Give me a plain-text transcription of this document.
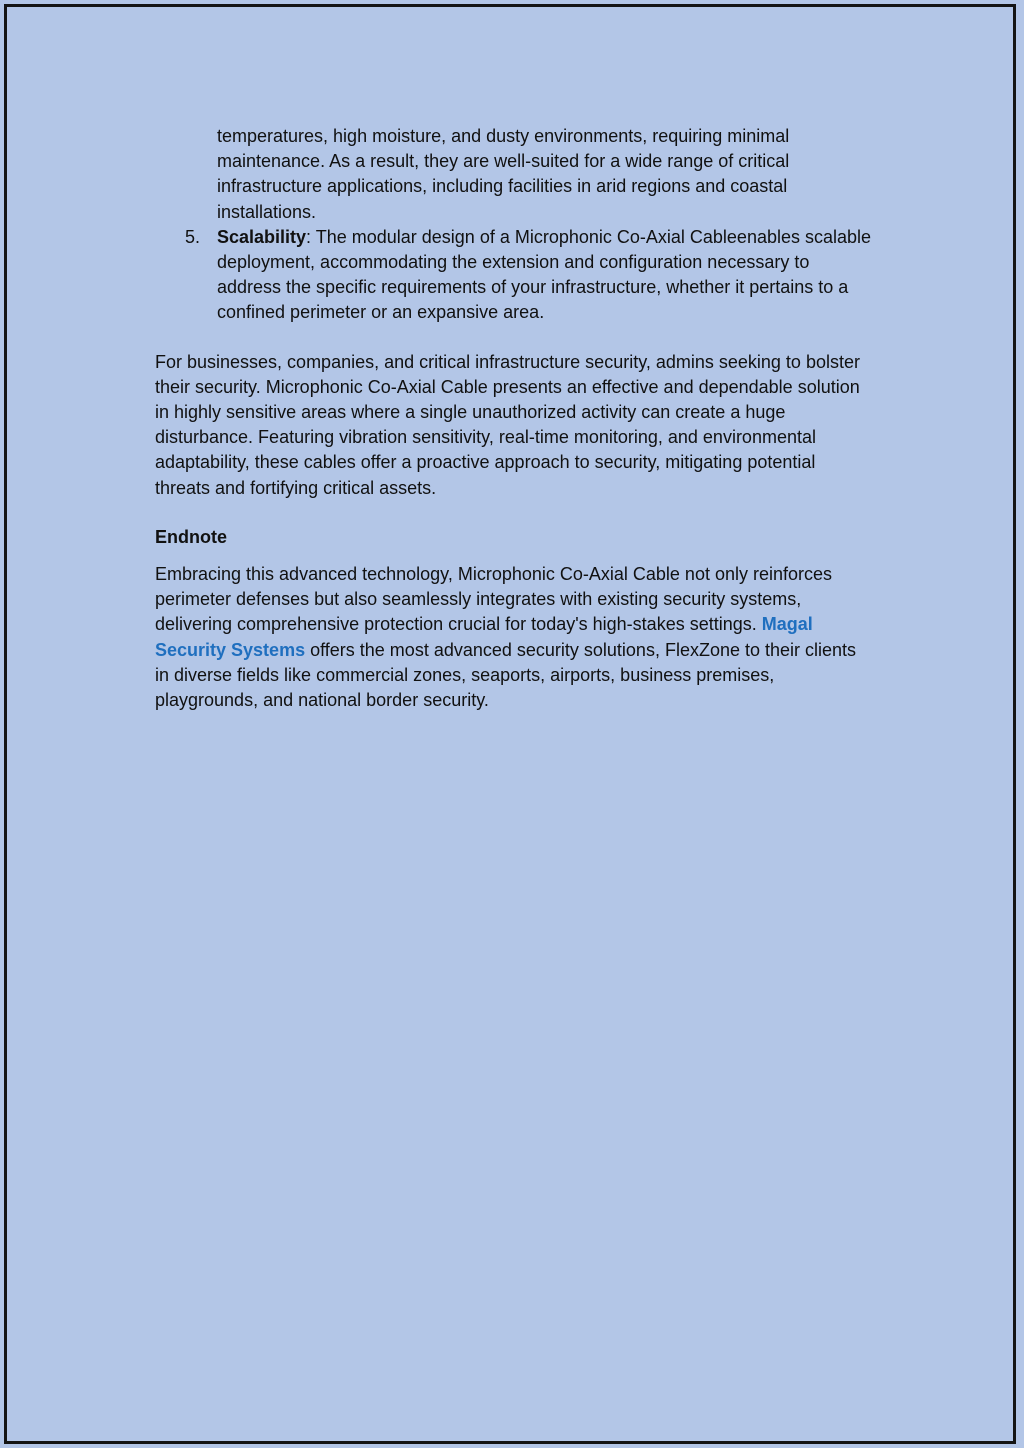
temperatures, high moisture, and dusty environments, requiring minimal maintenance. As a result, they are well-suited for a wide range of critical infrastructure applications, including facilities in arid regions and coastal installations.

5. Scalability: The modular design of a Microphonic Co-Axial Cableenables scalable deployment, accommodating the extension and configuration necessary to address the specific requirements of your infrastructure, whether it pertains to a confined perimeter or an expansive area.

For businesses, companies, and critical infrastructure security, admins seeking to bolster their security. Microphonic Co-Axial Cable presents an effective and dependable solution in highly sensitive areas where a single unauthorized activity can create a huge disturbance. Featuring vibration sensitivity, real-time monitoring, and environmental adaptability, these cables offer a proactive approach to security, mitigating potential threats and fortifying critical assets.

Endnote

Embracing this advanced technology, Microphonic Co-Axial Cable not only reinforces perimeter defenses but also seamlessly integrates with existing security systems, delivering comprehensive protection crucial for today's high-stakes settings. Magal Security Systems offers the most advanced security solutions, FlexZone to their clients in diverse fields like commercial zones, seaports, airports, business premises, playgrounds, and national border security.
